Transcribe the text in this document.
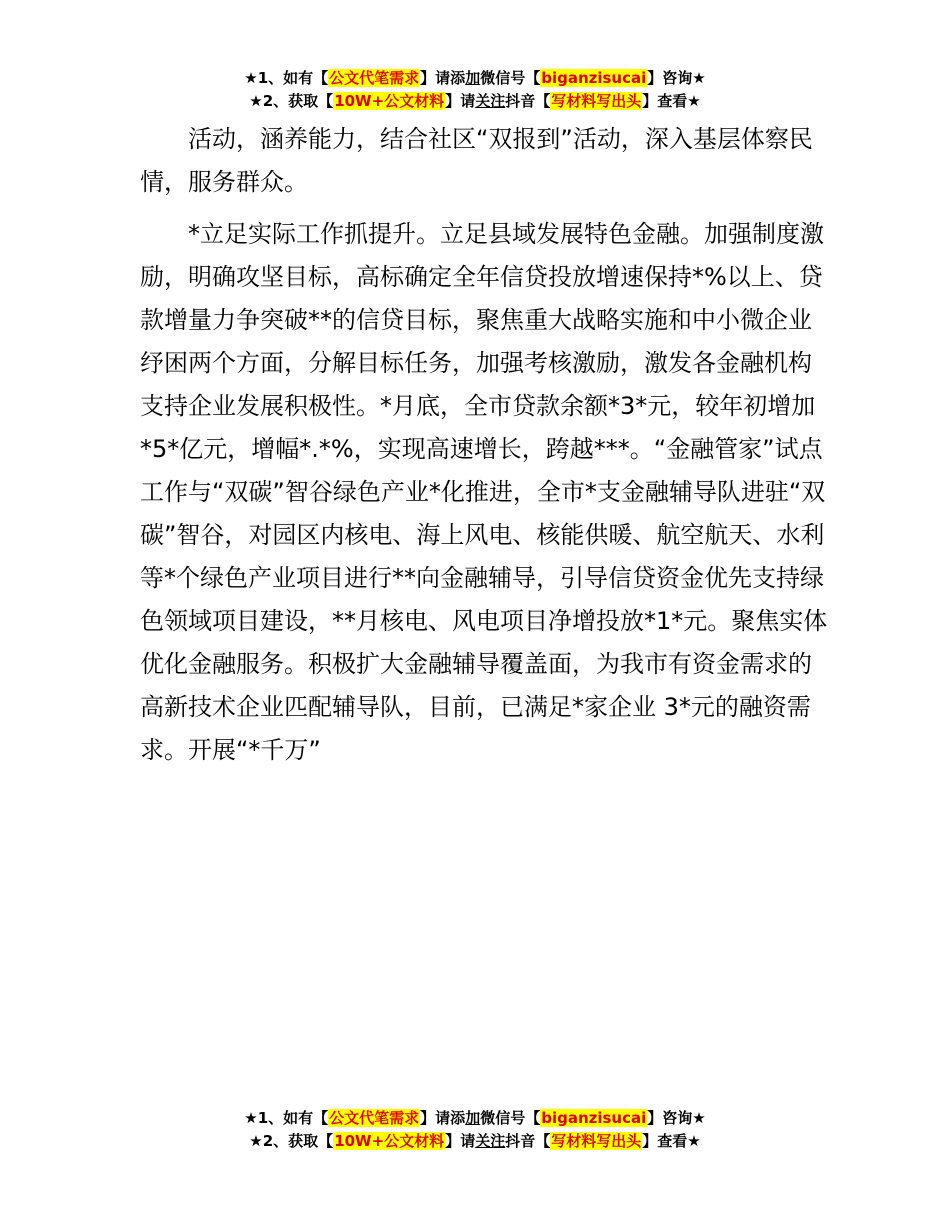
★1、如有【公文代笔需求】请添加微信号【biganzisucai】咨询★
★2、获取【10W+公文材料】请关注抖音【写材料写出头】查看★

活动，涵养能力，结合社区“双报到”活动，深入基层体察民情，服务群众。

*立足实际工作抓提升。立足县域发展特色金融。加强制度激励，明确攻坚目标，高标确定全年信贷投放增速保持*%以上、贷款增量力争突破**的信贷目标，聚焦重大战略实施和中小微企业纾困两个方面，分解目标任务，加强考核激励，激发各金融机构支持企业发展积极性。*月底，全市贷款余额*3*元，较年初增加*5*亿元，增幅*.*%，实现高速增长，跨越***。“金融管家”试点工作与“双碳”智谷绿色产业*化推进，全市*支金融辅导队进驻“双碳”智谷，对园区内核电、海上风电、核能供暖、航空航天、水利等*个绿色产业项目进行**向金融辅导，引导信贷资金优先支持绿色领域项目建设，**月核电、风电项目净增投放*1*元。聚焦实体优化金融服务。积极扩大金融辅导覆盖面，为我市有资金需求的高新技术企业匹配辅导队，目前，已满足*家企业 3*元的融资需求。开展“*千万”

★1、如有【公文代笔需求】请添加微信号【biganzisucai】咨询★
★2、获取【10W+公文材料】请关注抖音【写材料写出头】查看★
